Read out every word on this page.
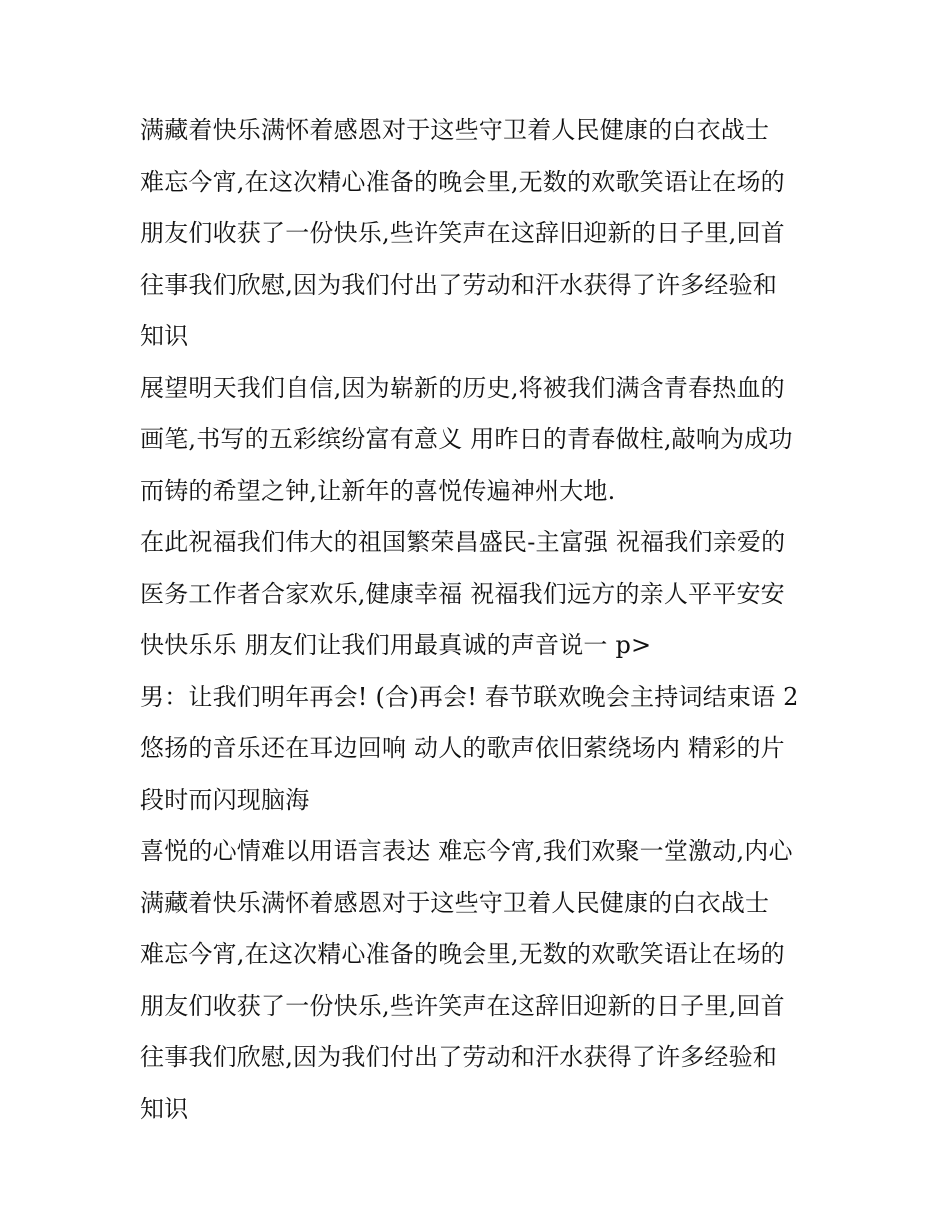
满藏着快乐满怀着感恩对于这些守卫着人民健康的白衣战士
难忘今宵,在这次精心准备的晚会里,无数的欢歌笑语让在场的
朋友们收获了一份快乐,些许笑声在这辞旧迎新的日子里,回首
往事我们欣慰,因为我们付出了劳动和汗水获得了许多经验和
知识
展望明天我们自信,因为崭新的历史,将被我们满含青春热血的
画笔,书写的五彩缤纷富有意义 用昨日的青春做柱,敲响为成功
而铸的希望之钟,让新年的喜悦传遍神州大地.
在此祝福我们伟大的祖国繁荣昌盛民-主富强 祝福我们亲爱的
医务工作者合家欢乐,健康幸福 祝福我们远方的亲人平平安安
快快乐乐 朋友们让我们用最真诚的声音说一 p>
男：让我们明年再会! (合)再会! 春节联欢晚会主持词结束语 2
悠扬的音乐还在耳边回响 动人的歌声依旧萦绕场内 精彩的片
段时而闪现脑海
喜悦的心情难以用语言表达 难忘今宵,我们欢聚一堂激动,内心
满藏着快乐满怀着感恩对于这些守卫着人民健康的白衣战士
难忘今宵,在这次精心准备的晚会里,无数的欢歌笑语让在场的
朋友们收获了一份快乐,些许笑声在这辞旧迎新的日子里,回首
往事我们欣慰,因为我们付出了劳动和汗水获得了许多经验和
知识
